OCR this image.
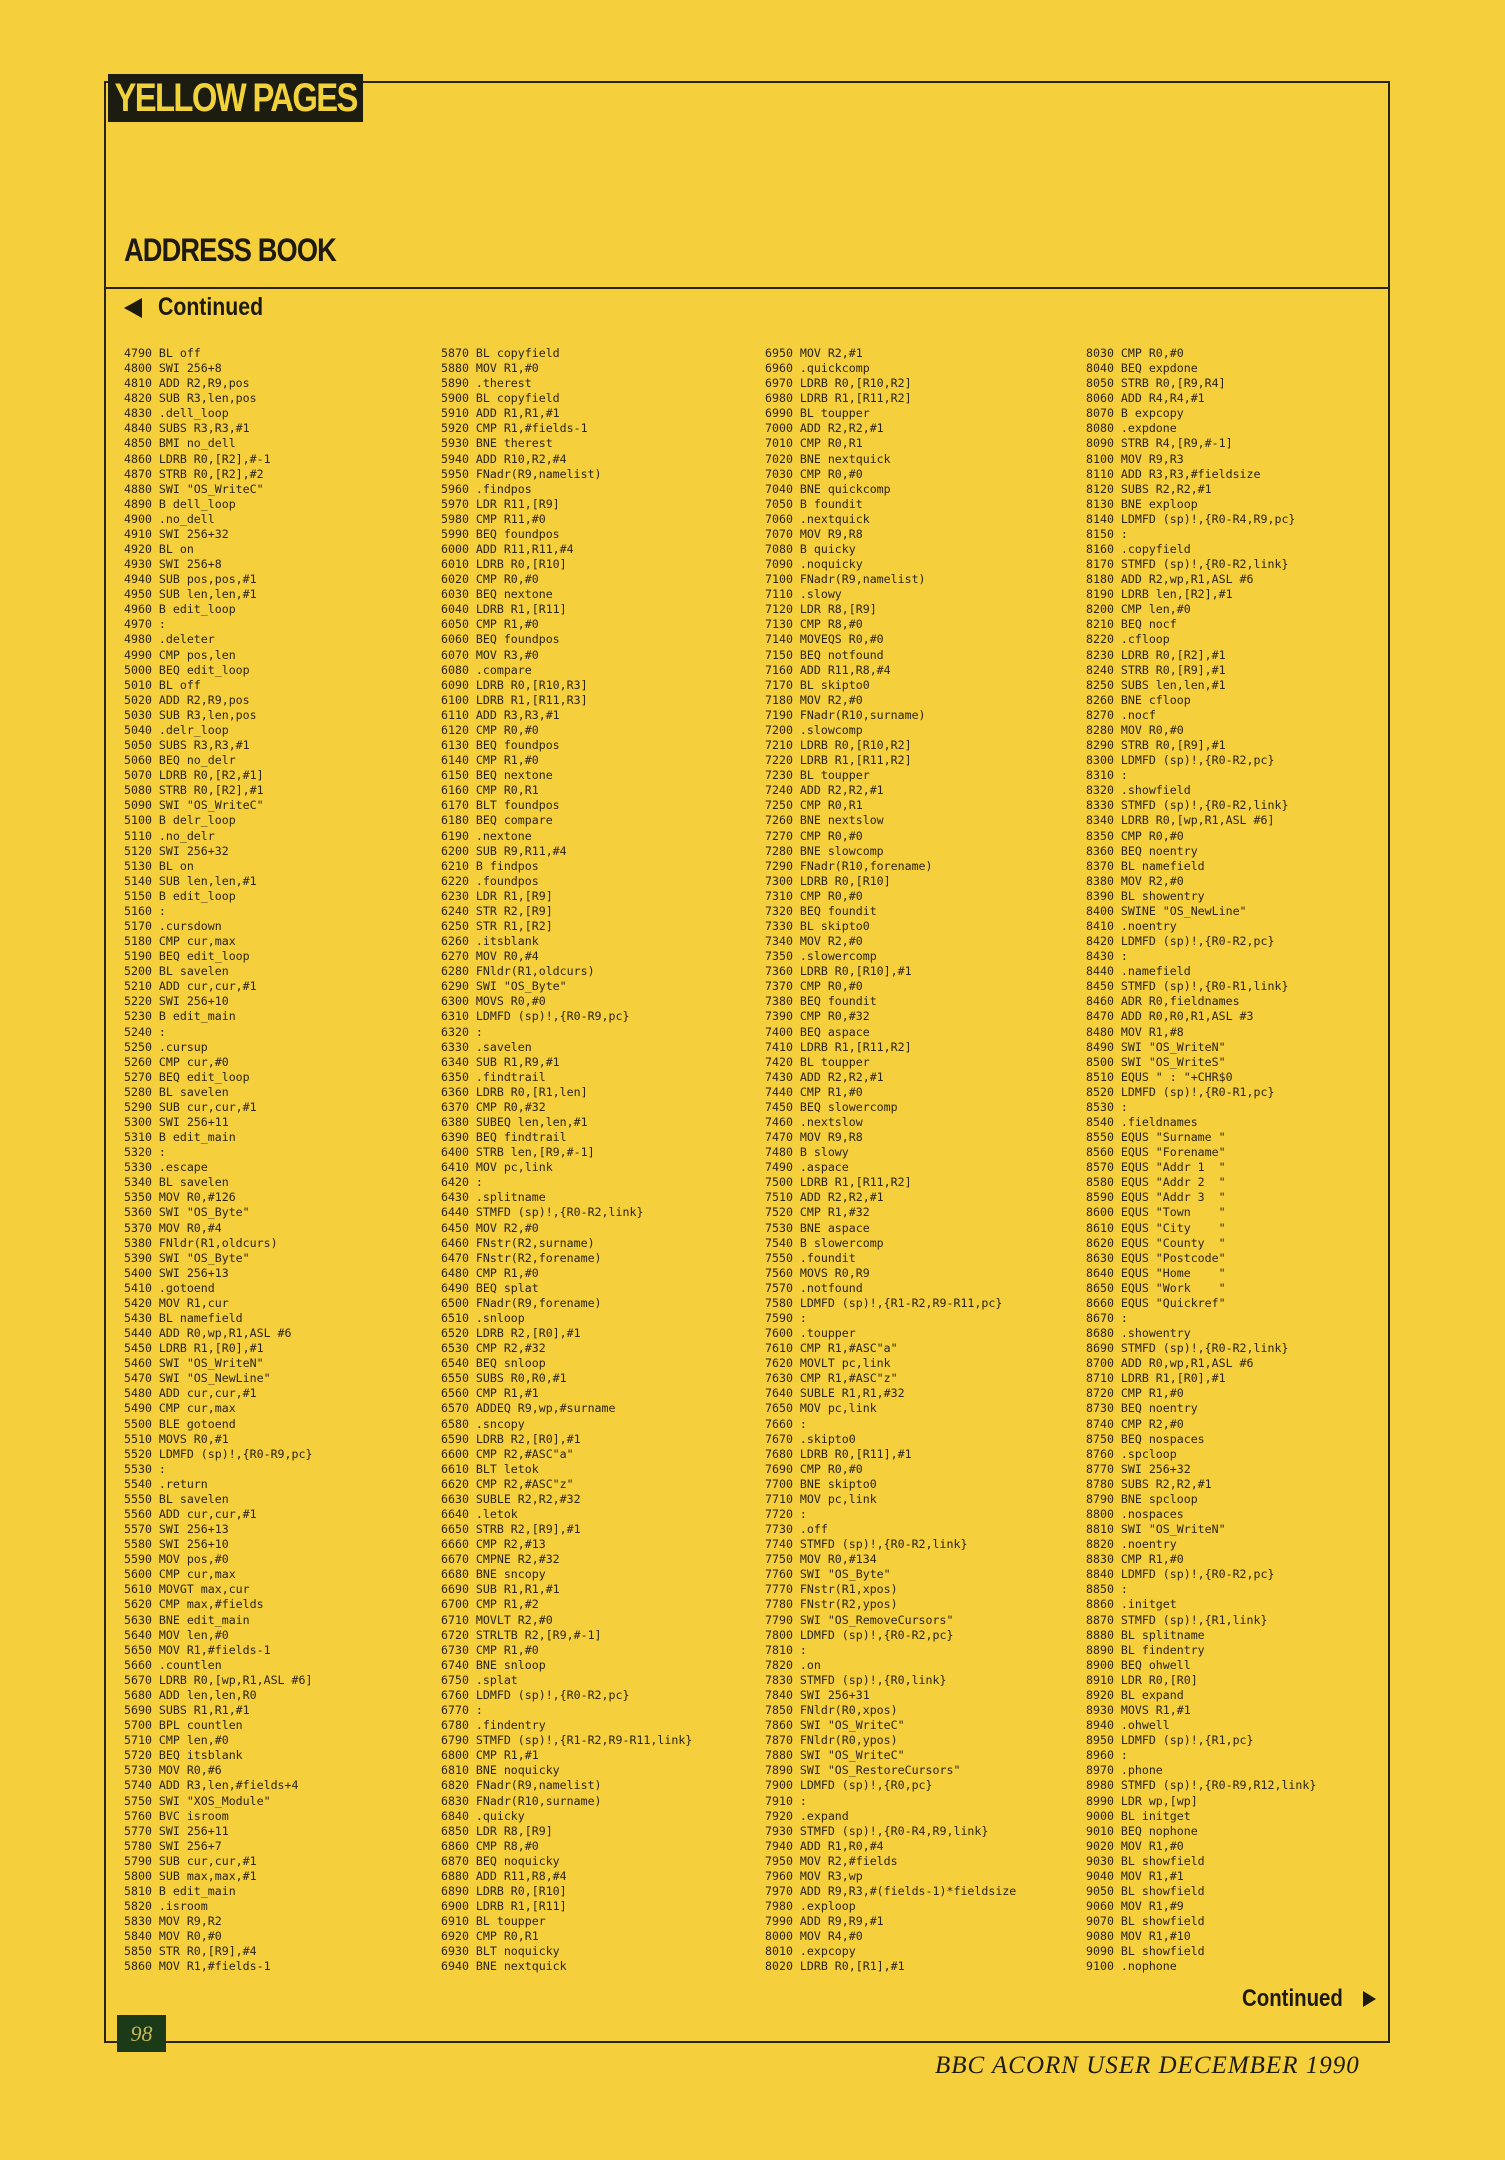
YELLOW PAGES
ADDRESS BOOK
Continued
4790 BL off
4800 SWI 256+8
4810 ADD R2,R9,pos
4820 SUB R3,len,pos
4830 .dell_loop
4840 SUBS R3,R3,#1
4850 BMI no_dell
4860 LDRB R0,[R2],#-1
4870 STRB R0,[R2],#2
4880 SWI "OS_WriteC"
4890 B dell_loop
4900 .no_dell
4910 SWI 256+32
4920 BL on
4930 SWI 256+8
4940 SUB pos,pos,#1
4950 SUB len,len,#1
4960 B edit_loop
4970 :
4980 .deleter
4990 CMP pos,len
5000 BEQ edit_loop
5010 BL off
5020 ADD R2,R9,pos
5030 SUB R3,len,pos
5040 .delr_loop
5050 SUBS R3,R3,#1
5060 BEQ no_delr
5070 LDRB R0,[R2,#1]
5080 STRB R0,[R2],#1
5090 SWI "OS_WriteC"
5100 B delr_loop
5110 .no_delr
5120 SWI 256+32
5130 BL on
5140 SUB len,len,#1
5150 B edit_loop
5160 :
5170 .cursdown
5180 CMP cur,max
5190 BEQ edit_loop
5200 BL savelen
5210 ADD cur,cur,#1
5220 SWI 256+10
5230 B edit_main
5240 :
5250 .cursup
5260 CMP cur,#0
5270 BEQ edit_loop
5280 BL savelen
5290 SUB cur,cur,#1
5300 SWI 256+11
5310 B edit_main
5320 :
5330 .escape
5340 BL savelen
5350 MOV R0,#126
5360 SWI "OS_Byte"
5370 MOV R0,#4
5380 FNldr(R1,oldcurs)
5390 SWI "OS_Byte"
5400 SWI 256+13
5410 .gotoend
5420 MOV R1,cur
5430 BL namefield
5440 ADD R0,wp,R1,ASL #6
5450 LDRB R1,[R0],#1
5460 SWI "OS_WriteN"
5470 SWI "OS_NewLine"
5480 ADD cur,cur,#1
5490 CMP cur,max
5500 BLE gotoend
5510 MOVS R0,#1
5520 LDMFD (sp)!,{R0-R9,pc}
5530 :
5540 .return
5550 BL savelen
5560 ADD cur,cur,#1
5570 SWI 256+13
5580 SWI 256+10
5590 MOV pos,#0
5600 CMP cur,max
5610 MOVGT max,cur
5620 CMP max,#fields
5630 BNE edit_main
5640 MOV len,#0
5650 MOV R1,#fields-1
5660 .countlen
5670 LDRB R0,[wp,R1,ASL #6]
5680 ADD len,len,R0
5690 SUBS R1,R1,#1
5700 BPL countlen
5710 CMP len,#0
5720 BEQ itsblank
5730 MOV R0,#6
5740 ADD R3,len,#fields+4
5750 SWI "XOS_Module"
5760 BVC isroom
5770 SWI 256+11
5780 SWI 256+7
5790 SUB cur,cur,#1
5800 SUB max,max,#1
5810 B edit_main
5820 .isroom
5830 MOV R9,R2
5840 MOV R0,#0
5850 STR R0,[R9],#4
5860 MOV R1,#fields-1
5870 BL copyfield
5880 MOV R1,#0
5890 .therest
5900 BL copyfield
5910 ADD R1,R1,#1
5920 CMP R1,#fields-1
5930 BNE therest
5940 ADD R10,R2,#4
5950 FNadr(R9,namelist)
5960 .findpos
5970 LDR R11,[R9]
5980 CMP R11,#0
5990 BEQ foundpos
6000 ADD R11,R11,#4
6010 LDRB R0,[R10]
6020 CMP R0,#0
6030 BEQ nextone
6040 LDRB R1,[R11]
6050 CMP R1,#0
6060 BEQ foundpos
6070 MOV R3,#0
6080 .compare
6090 LDRB R0,[R10,R3]
6100 LDRB R1,[R11,R3]
6110 ADD R3,R3,#1
6120 CMP R0,#0
6130 BEQ foundpos
6140 CMP R1,#0
6150 BEQ nextone
6160 CMP R0,R1
6170 BLT foundpos
6180 BEQ compare
6190 .nextone
6200 SUB R9,R11,#4
6210 B findpos
6220 .foundpos
6230 LDR R1,[R9]
6240 STR R2,[R9]
6250 STR R1,[R2]
6260 .itsblank
6270 MOV R0,#4
6280 FNldr(R1,oldcurs)
6290 SWI "OS_Byte"
6300 MOVS R0,#0
6310 LDMFD (sp)!,{R0-R9,pc}
6320 :
6330 .savelen
6340 SUB R1,R9,#1
6350 .findtrail
6360 LDRB R0,[R1,len]
6370 CMP R0,#32
6380 SUBEQ len,len,#1
6390 BEQ findtrail
6400 STRB len,[R9,#-1]
6410 MOV pc,link
6420 :
6430 .splitname
6440 STMFD (sp)!,{R0-R2,link}
6450 MOV R2,#0
6460 FNstr(R2,surname)
6470 FNstr(R2,forename)
6480 CMP R1,#0
6490 BEQ splat
6500 FNadr(R9,forename)
6510 .snloop
6520 LDRB R2,[R0],#1
6530 CMP R2,#32
6540 BEQ snloop
6550 SUBS R0,R0,#1
6560 CMP R1,#1
6570 ADDEQ R9,wp,#surname
6580 .sncopy
6590 LDRB R2,[R0],#1
6600 CMP R2,#ASC"a"
6610 BLT letok
6620 CMP R2,#ASC"z"
6630 SUBLE R2,R2,#32
6640 .letok
6650 STRB R2,[R9],#1
6660 CMP R2,#13
6670 CMPNE R2,#32
6680 BNE sncopy
6690 SUB R1,R1,#1
6700 CMP R1,#2
6710 MOVLT R2,#0
6720 STRLTB R2,[R9,#-1]
6730 CMP R1,#0
6740 BNE snloop
6750 .splat
6760 LDMFD (sp)!,{R0-R2,pc}
6770 :
6780 .findentry
6790 STMFD (sp)!,{R1-R2,R9-R11,link}
6800 CMP R1,#1
6810 BNE noquicky
6820 FNadr(R9,namelist)
6830 FNadr(R10,surname)
6840 .quicky
6850 LDR R8,[R9]
6860 CMP R8,#0
6870 BEQ noquicky
6880 ADD R11,R8,#4
6890 LDRB R0,[R10]
6900 LDRB R1,[R11]
6910 BL toupper
6920 CMP R0,R1
6930 BLT noquicky
6940 BNE nextquick
6950 MOV R2,#1
6960 .quickcomp
6970 LDRB R0,[R10,R2]
6980 LDRB R1,[R11,R2]
6990 BL toupper
7000 ADD R2,R2,#1
7010 CMP R0,R1
7020 BNE nextquick
7030 CMP R0,#0
7040 BNE quickcomp
7050 B foundit
7060 .nextquick
7070 MOV R9,R8
7080 B quicky
7090 .noquicky
7100 FNadr(R9,namelist)
7110 .slowy
7120 LDR R8,[R9]
7130 CMP R8,#0
7140 MOVEQS R0,#0
7150 BEQ notfound
7160 ADD R11,R8,#4
7170 BL skipto0
7180 MOV R2,#0
7190 FNadr(R10,surname)
7200 .slowcomp
7210 LDRB R0,[R10,R2]
7220 LDRB R1,[R11,R2]
7230 BL toupper
7240 ADD R2,R2,#1
7250 CMP R0,R1
7260 BNE nextslow
7270 CMP R0,#0
7280 BNE slowcomp
7290 FNadr(R10,forename)
7300 LDRB R0,[R10]
7310 CMP R0,#0
7320 BEQ foundit
7330 BL skipto0
7340 MOV R2,#0
7350 .slowercomp
7360 LDRB R0,[R10],#1
7370 CMP R0,#0
7380 BEQ foundit
7390 CMP R0,#32
7400 BEQ aspace
7410 LDRB R1,[R11,R2]
7420 BL toupper
7430 ADD R2,R2,#1
7440 CMP R1,#0
7450 BEQ slowercomp
7460 .nextslow
7470 MOV R9,R8
7480 B slowy
7490 .aspace
7500 LDRB R1,[R11,R2]
7510 ADD R2,R2,#1
7520 CMP R1,#32
7530 BNE aspace
7540 B slowercomp
7550 .foundit
7560 MOVS R0,R9
7570 .notfound
7580 LDMFD (sp)!,{R1-R2,R9-R11,pc}
7590 :
7600 .toupper
7610 CMP R1,#ASC"a"
7620 MOVLT pc,link
7630 CMP R1,#ASC"z"
7640 SUBLE R1,R1,#32
7650 MOV pc,link
7660 :
7670 .skipto0
7680 LDRB R0,[R11],#1
7690 CMP R0,#0
7700 BNE skipto0
7710 MOV pc,link
7720 :
7730 .off
7740 STMFD (sp)!,{R0-R2,link}
7750 MOV R0,#134
7760 SWI "OS_Byte"
7770 FNstr(R1,xpos)
7780 FNstr(R2,ypos)
7790 SWI "OS_RemoveCursors"
7800 LDMFD (sp)!,{R0-R2,pc}
7810 :
7820 .on
7830 STMFD (sp)!,{R0,link}
7840 SWI 256+31
7850 FNldr(R0,xpos)
7860 SWI "OS_WriteC"
7870 FNldr(R0,ypos)
7880 SWI "OS_WriteC"
7890 SWI "OS_RestoreCursors"
7900 LDMFD (sp)!,{R0,pc}
7910 :
7920 .expand
7930 STMFD (sp)!,{R0-R4,R9,link}
7940 ADD R1,R0,#4
7950 MOV R2,#fields
7960 MOV R3,wp
7970 ADD R9,R3,#(fields-1)*fieldsize
7980 .exploop
7990 ADD R9,R9,#1
8000 MOV R4,#0
8010 .expcopy
8020 LDRB R0,[R1],#1
8030 CMP R0,#0
8040 BEQ expdone
8050 STRB R0,[R9,R4]
8060 ADD R4,R4,#1
8070 B expcopy
8080 .expdone
8090 STRB R4,[R9,#-1]
8100 MOV R9,R3
8110 ADD R3,R3,#fieldsize
8120 SUBS R2,R2,#1
8130 BNE exploop
8140 LDMFD (sp)!,{R0-R4,R9,pc}
8150 :
8160 .copyfield
8170 STMFD (sp)!,{R0-R2,link}
8180 ADD R2,wp,R1,ASL #6
8190 LDRB len,[R2],#1
8200 CMP len,#0
8210 BEQ nocf
8220 .cfloop
8230 LDRB R0,[R2],#1
8240 STRB R0,[R9],#1
8250 SUBS len,len,#1
8260 BNE cfloop
8270 .nocf
8280 MOV R0,#0
8290 STRB R0,[R9],#1
8300 LDMFD (sp)!,{R0-R2,pc}
8310 :
8320 .showfield
8330 STMFD (sp)!,{R0-R2,link}
8340 LDRB R0,[wp,R1,ASL #6]
8350 CMP R0,#0
8360 BEQ noentry
8370 BL namefield
8380 MOV R2,#0
8390 BL showentry
8400 SWINE "OS_NewLine"
8410 .noentry
8420 LDMFD (sp)!,{R0-R2,pc}
8430 :
8440 .namefield
8450 STMFD (sp)!,{R0-R1,link}
8460 ADR R0,fieldnames
8470 ADD R0,R0,R1,ASL #3
8480 MOV R1,#8
8490 SWI "OS_WriteN"
8500 SWI "OS_WriteS"
8510 EQUS " : "+CHR$0
8520 LDMFD (sp)!,{R0-R1,pc}
8530 :
8540 .fieldnames
8550 EQUS "Surname "
8560 EQUS "Forename"
8570 EQUS "Addr 1  "
8580 EQUS "Addr 2  "
8590 EQUS "Addr 3  "
8600 EQUS "Town    "
8610 EQUS "City    "
8620 EQUS "County  "
8630 EQUS "Postcode"
8640 EQUS "Home    "
8650 EQUS "Work    "
8660 EQUS "Quickref"
8670 :
8680 .showentry
8690 STMFD (sp)!,{R0-R2,link}
8700 ADD R0,wp,R1,ASL #6
8710 LDRB R1,[R0],#1
8720 CMP R1,#0
8730 BEQ noentry
8740 CMP R2,#0
8750 BEQ nospaces
8760 .spcloop
8770 SWI 256+32
8780 SUBS R2,R2,#1
8790 BNE spcloop
8800 .nospaces
8810 SWI "OS_WriteN"
8820 .noentry
8830 CMP R1,#0
8840 LDMFD (sp)!,{R0-R2,pc}
8850 :
8860 .initget
8870 STMFD (sp)!,{R1,link}
8880 BL splitname
8890 BL findentry
8900 BEQ ohwell
8910 LDR R0,[R0]
8920 BL expand
8930 MOVS R1,#1
8940 .ohwell
8950 LDMFD (sp)!,{R1,pc}
8960 :
8970 .phone
8980 STMFD (sp)!,{R0-R9,R12,link}
8990 LDR wp,[wp]
9000 BL initget
9010 BEQ nophone
9020 MOV R1,#0
9030 BL showfield
9040 MOV R1,#1
9050 BL showfield
9060 MOV R1,#9
9070 BL showfield
9080 MOV R1,#10
9090 BL showfield
9100 .nophone
Continued
98
BBC ACORN USER DECEMBER 1990
